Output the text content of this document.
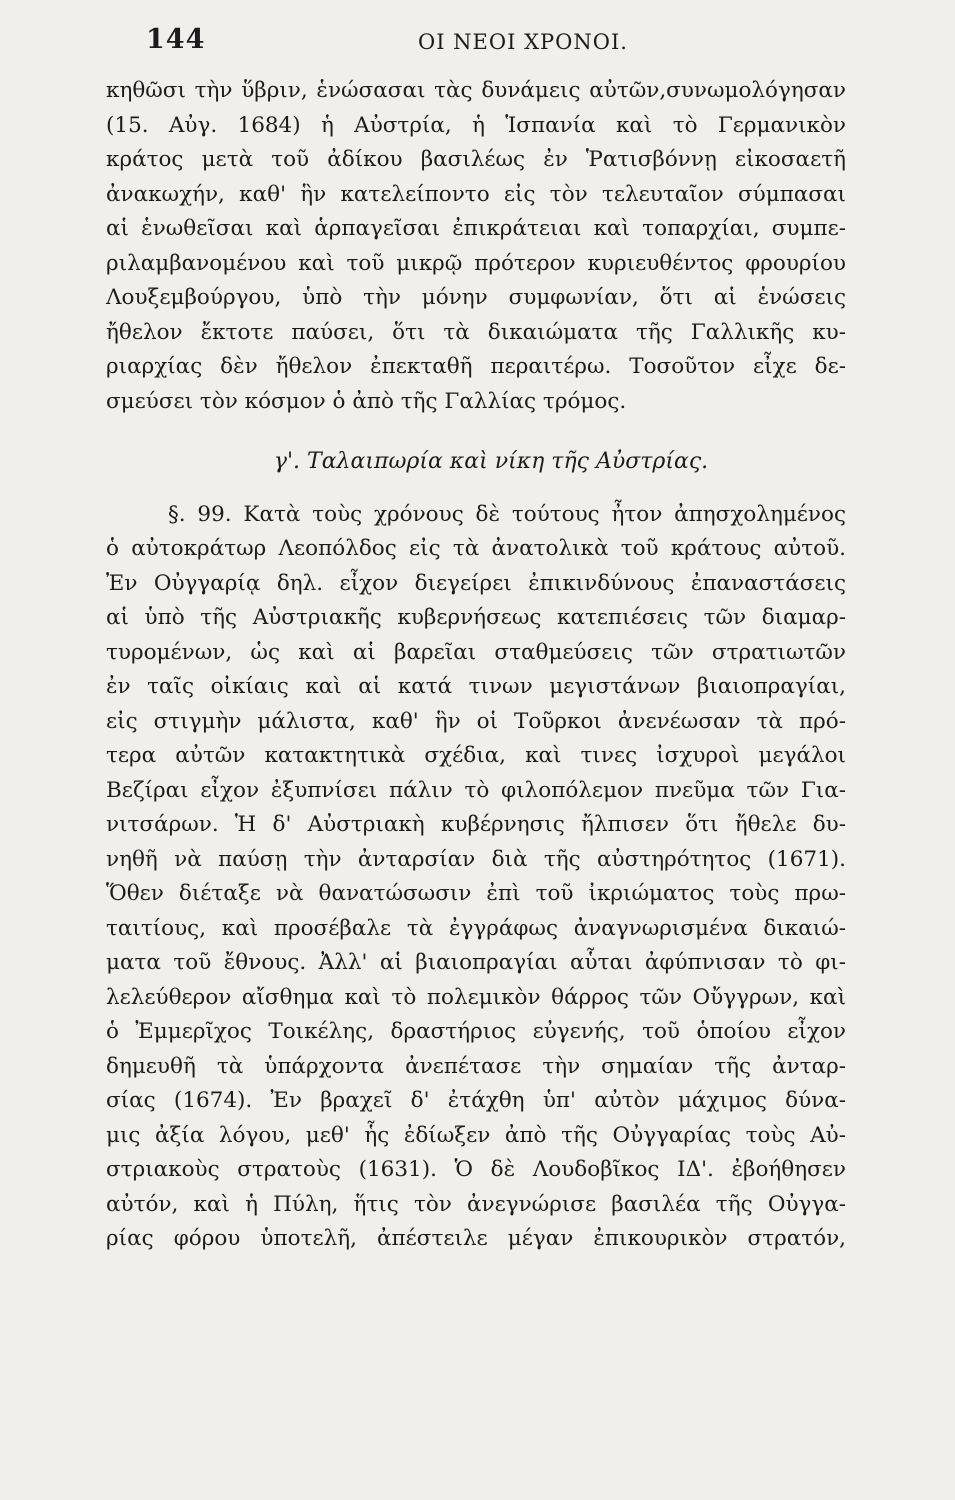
144	ΟΙ ΝΕΟΙ ΧΡΟΝΟΙ.
κηθῶσι τὴν ὕβριν, ἑνώσασαι τὰς δυνάμεις αὐτῶν,συνωμολόγησαν
(15. Αὐγ. 1684) ἡ Αὐστρία, ἡ Ἱσπανία καὶ τὸ Γερμανικὸν
κράτος μετὰ τοῦ ἀδίκου βασιλέως ἐν Ῥατισβόννῃ εἰκοσαετῆ
ἀνακωχήν, καθ' ἣν κατελείποντο εἰς τὸν τελευταῖον σύμπασαι
αἱ ἑνωθεῖσαι καὶ ἁρπαγεῖσαι ἐπικράτειαι καὶ τοπαρχίαι, συμπε-
ριλαμβανομένου καὶ τοῦ μικρῷ πρότερον κυριευθέντος φρουρίου
Λουξεμβούργου, ὑπὸ τὴν μόνην συμφωνίαν, ὅτι αἱ ἑνώσεις
ἤθελον ἔκτοτε παύσει, ὅτι τὰ δικαιώματα τῆς Γαλλικῆς κυ-
ριαρχίας δὲν ἤθελον ἐπεκταθῆ περαιτέρω. Τοσοῦτον εἶχε δε-
σμεύσει τὸν κόσμον ὁ ἀπὸ τῆς Γαλλίας τρόμος.
γ'. Ταλαιπωρία καὶ νίκη τῆς Αὐστρίας.
§. 99. Κατὰ τοὺς χρόνους δὲ τούτους ἦτον ἀπησχολημένος
ὁ αὐτοκράτωρ Λεοπόλδος εἰς τὰ ἀνατολικὰ τοῦ κράτους αὐτοῦ.
Ἐν Οὐγγαρίᾳ δηλ. εἶχον διεγείρει ἐπικινδύνους ἐπαναστάσεις
αἱ ὑπὸ τῆς Αὐστριακῆς κυβερνήσεως κατεπιέσεις τῶν διαμαρ-
τυρομένων, ὡς καὶ αἱ βαρεῖαι σταθμεύσεις τῶν στρατιωτῶν
ἐν ταῖς οἰκίαις καὶ αἱ κατά τινων μεγιστάνων βιαιοπραγίαι,
εἰς στιγμὴν μάλιστα, καθ' ἣν οἱ Τοῦρκοι ἀνενέωσαν τὰ πρό-
τερα αὐτῶν κατακτητικὰ σχέδια, καὶ τινες ἰσχυροὶ μεγάλοι
Βεζίραι εἶχον ἐξυπνίσει πάλιν τὸ φιλοπόλεμον πνεῦμα τῶν Για-
νιτσάρων. Ἡ δ' Αὐστριακὴ κυβέρνησις ἤλπισεν ὅτι ἤθελε δυ-
νηθῆ νὰ παύσῃ τὴν ἀνταρσίαν διὰ τῆς αὐστηρότητος (1671).
Ὅθεν διέταξε νὰ θανατώσωσιν ἐπὶ τοῦ ἰκριώματος τοὺς πρω-
ταιτίους, καὶ προσέβαλε τὰ ἐγγράφως ἀναγνωρισμένα δικαιώ-
ματα τοῦ ἔθνους. Ἀλλ' αἱ βιαιοπραγίαι αὗται ἀφύπνισαν τὸ φι-
λελεύθερον αἴσθημα καὶ τὸ πολεμικὸν θάρρος τῶν Οὔγγρων, καὶ
ὁ Ἐμμερῖχος Τοικέλης, δραστήριος εὐγενής, τοῦ ὁποίου εἶχον
δημευθῆ τὰ ὑπάρχοντα ἀνεπέτασε τὴν σημαίαν τῆς ἀνταρ-
σίας (1674). Ἐν βραχεῖ δ' ἐτάχθη ὑπ' αὐτὸν μάχιμος δύνα-
μις ἀξία λόγου, μεθ' ἧς ἐδίωξεν ἀπὸ τῆς Οὐγγαρίας τοὺς Αὐ-
στριακοὺς στρατοὺς (1631). Ὁ δὲ Λουδοβῖκος ΙΔ'. ἐβοήθησεν
αὐτόν, καὶ ἡ Πύλη, ἥτις τὸν ἀνεγνώρισε βασιλέα τῆς Οὐγγα-
ρίας φόρου ὑποτελῆ, ἀπέστειλε μέγαν ἐπικουρικὸν στρατόν,
